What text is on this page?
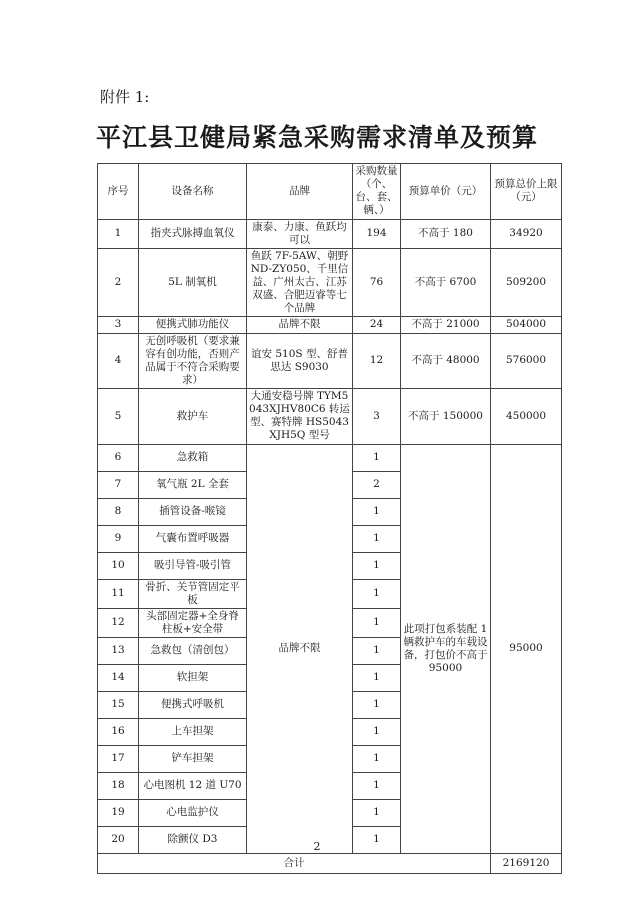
附件 1:
平江县卫健局紧急采购需求清单及预算
序号	设备名称	品牌	采购数量（个、台、套、辆、）	预算单价（元）	预算总价上限（元）
1	指夹式脉搏血氧仪	康泰、力康、鱼跃均可以	194	不高于 180	34920
2	5L 制氧机	鱼跃 7F-5AW、朝野 ND-ZY050、千里信益、广州太古、江苏双盛、合肥迈睿等七个品牌	76	不高于 6700	509200
3	便携式肺功能仪	品牌不限	24	不高于 21000	504000
4	无创呼吸机（要求兼容有创功能，否则产品属于不符合采购要求）	谊安 510S 型、舒普思达 S9030	12	不高于 48000	576000
5	救护车	大通安稳号牌 TYM5043XJHV80C6 转运型、赛特牌 HS5043XJH5Q 型号	3	不高于 150000	450000
6	急救箱	品牌不限	1	此项打包系装配 1 辆救护车的车载设备，打包价不高于 95000	95000
7	氧气瓶 2L 全套		2		
8	插管设备-喉镜		1		
9	气囊布置呼吸器		1		
10	吸引导管-吸引管		1		
11	骨折、关节管固定平板		1		
12	头部固定器+全身脊柱板+安全带		1		
13	急救包（清创包）		1		
14	软担架		1		
15	便携式呼吸机		1		
16	上车担架		1		
17	铲车担架		1		
18	心电图机 12 道 U70		1		
19	心电监护仪		1		
20	除颤仪 D3		1		
合计					2169120
2
